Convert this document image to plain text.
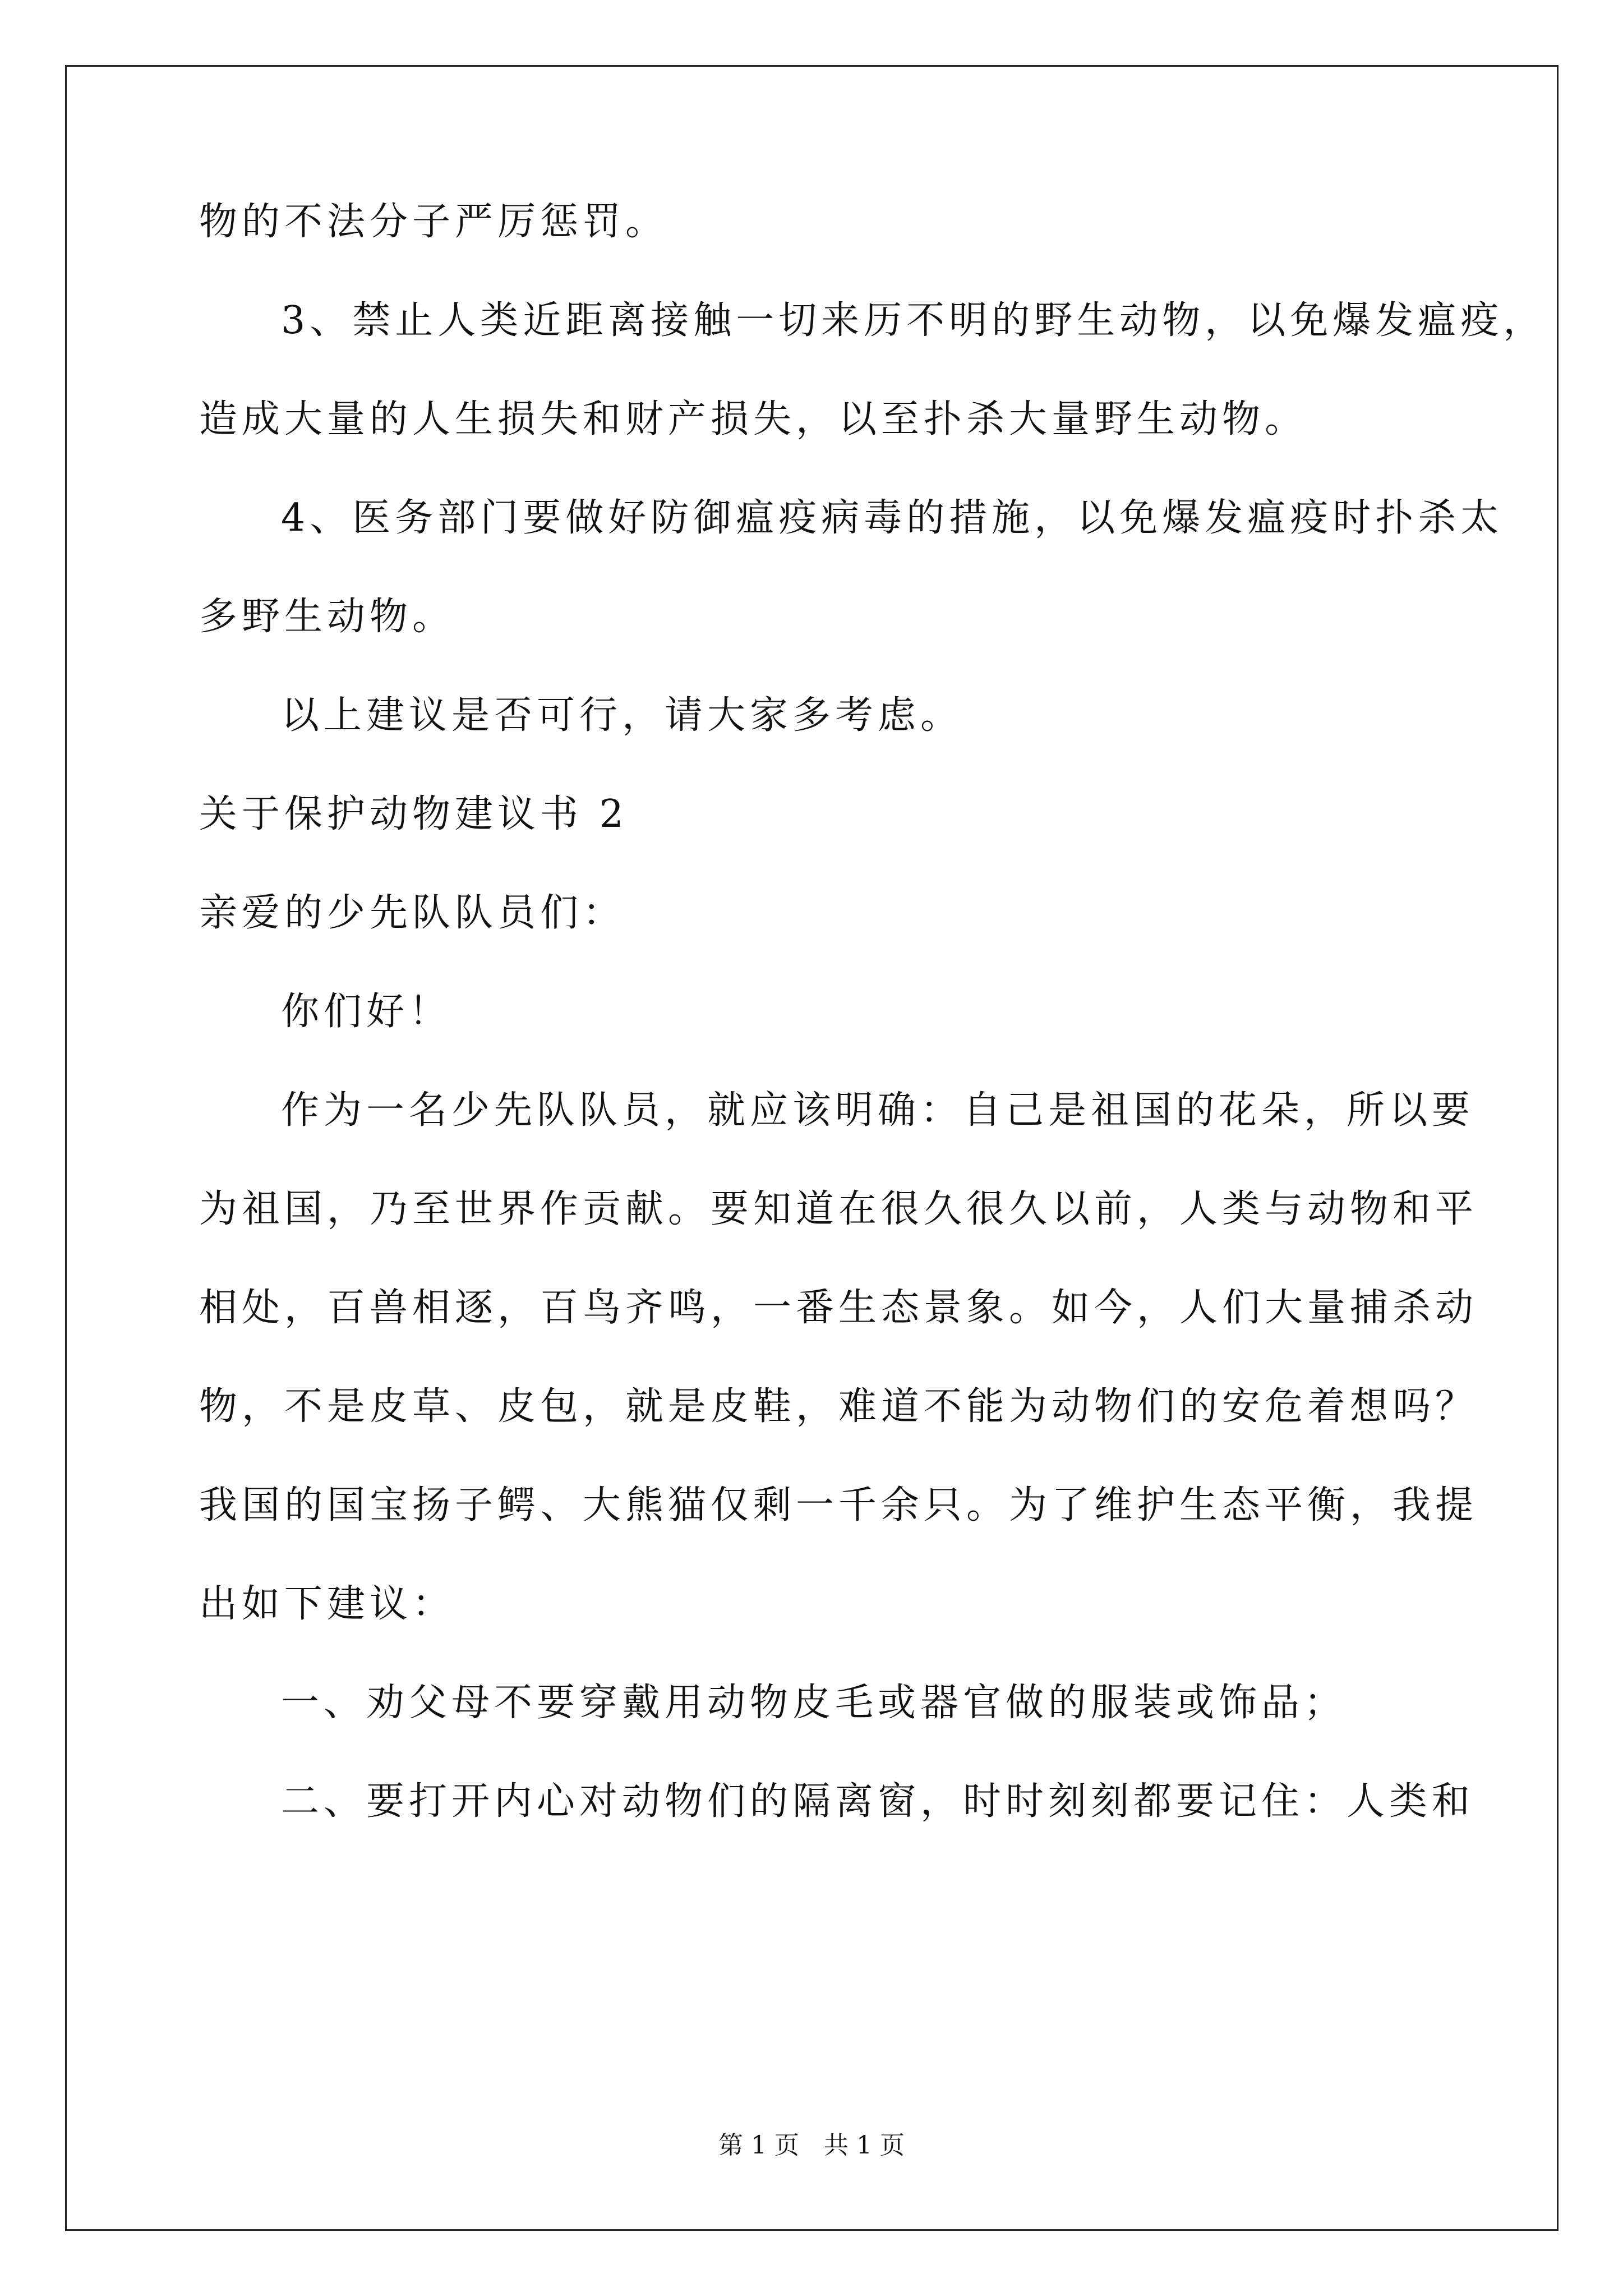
物的不法分子严厉惩罚。
3、禁止人类近距离接触一切来历不明的野生动物，以免爆发瘟疫，
造成大量的人生损失和财产损失，以至扑杀大量野生动物。
4、医务部门要做好防御瘟疫病毒的措施，以免爆发瘟疫时扑杀太
多野生动物。
以上建议是否可行，请大家多考虑。
关于保护动物建议书 2
亲爱的少先队队员们：
你们好！
作为一名少先队队员，就应该明确：自己是祖国的花朵，所以要
为祖国，乃至世界作贡献。要知道在很久很久以前，人类与动物和平
相处，百兽相逐，百鸟齐鸣，一番生态景象。如今，人们大量捕杀动
物，不是皮草、皮包，就是皮鞋，难道不能为动物们的安危着想吗？
我国的国宝扬子鳄、大熊猫仅剩一千余只。为了维护生态平衡，我提
出如下建议：
一、劝父母不要穿戴用动物皮毛或器官做的服装或饰品；
二、要打开内心对动物们的隔离窗，时时刻刻都要记住：人类和
第 1 页　共 1 页
